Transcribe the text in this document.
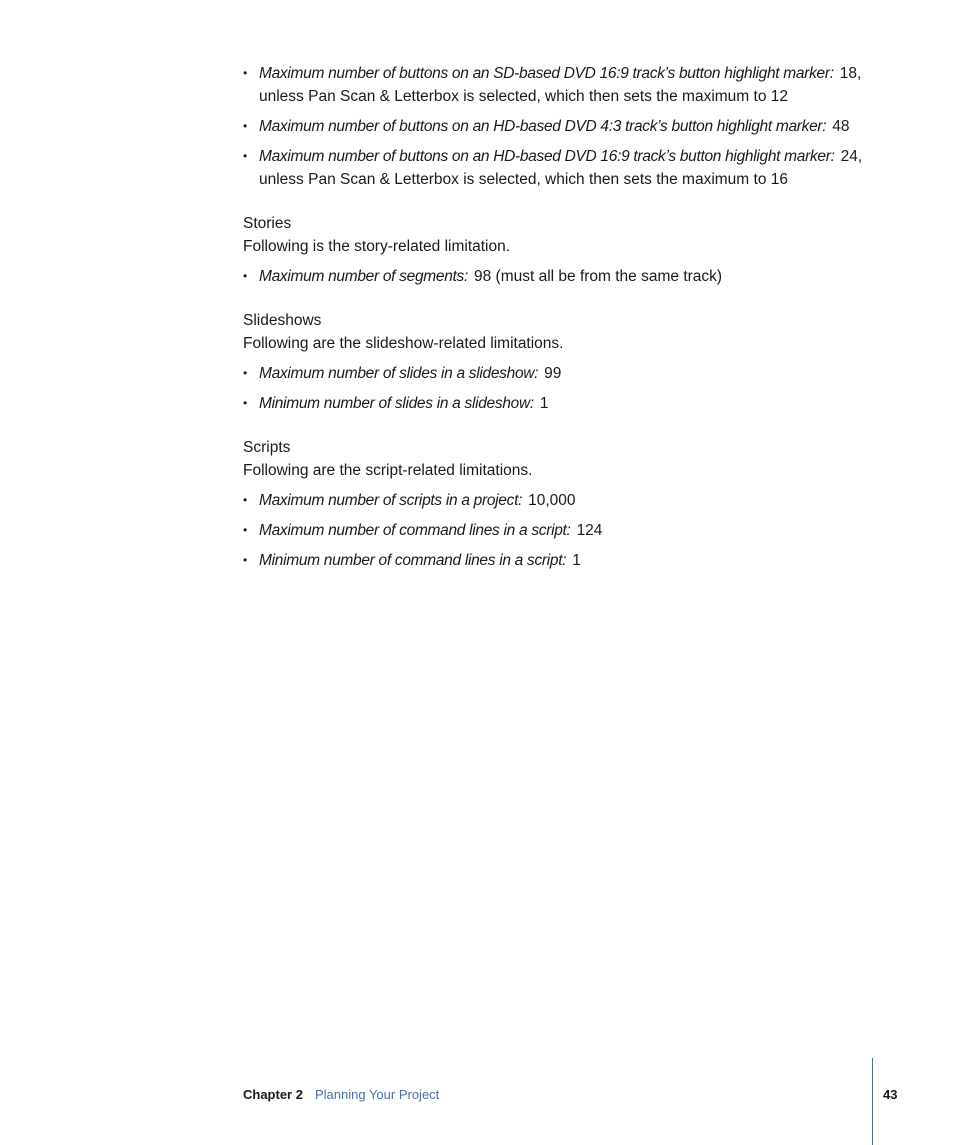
• Maximum number of buttons on an SD-based DVD 16:9 track’s button highlight marker: 18, unless Pan Scan & Letterbox is selected, which then sets the maximum to 12
• Maximum number of buttons on an HD-based DVD 4:3 track’s button highlight marker: 48
• Maximum number of buttons on an HD-based DVD 16:9 track’s button highlight marker: 24, unless Pan Scan & Letterbox is selected, which then sets the maximum to 16
Stories

Following is the story-related limitation.

• Maximum number of segments: 98 (must all be from the same track)
Slideshows

Following are the slideshow-related limitations.

• Maximum number of slides in a slideshow: 99
• Minimum number of slides in a slideshow: 1
Scripts

Following are the script-related limitations.

• Maximum number of scripts in a project: 10,000
• Maximum number of command lines in a script: 124
• Minimum number of command lines in a script: 1
Chapter 2 Planning Your Project	43
